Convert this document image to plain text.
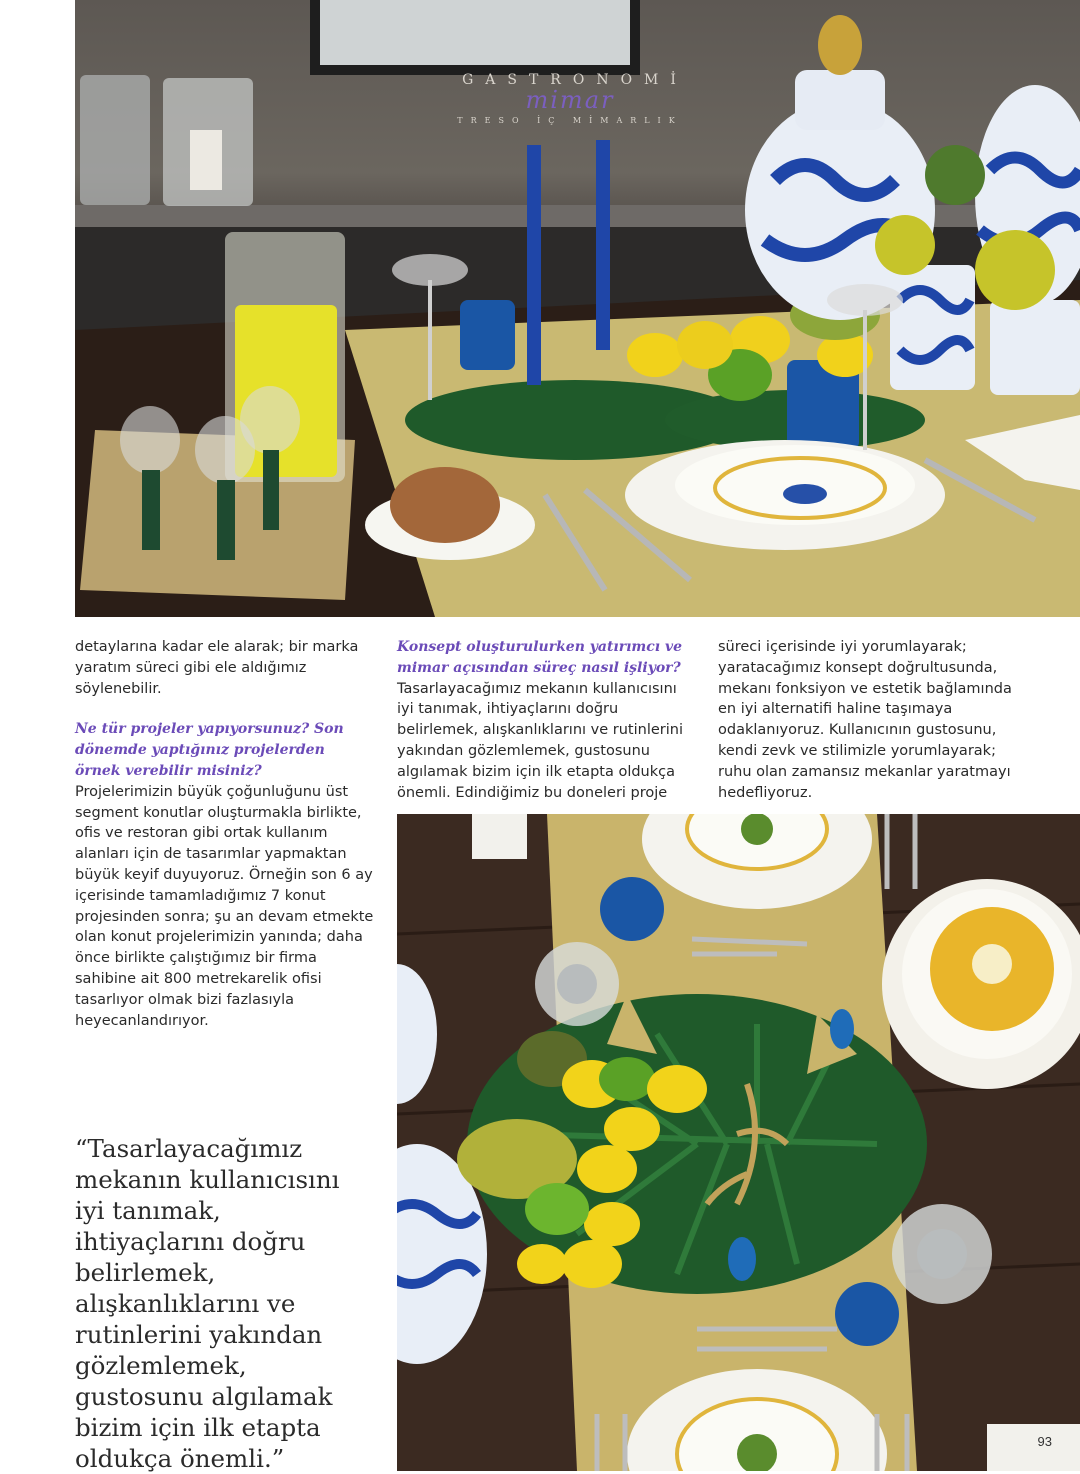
GASTRONOMİ
mimar
TRESO İÇ MİMARLIK

detaylarına kadar ele alarak; bir marka yaratım süreci gibi ele aldığımız söylenebilir.

Ne tür projeler yapıyorsunuz? Son dönemde yaptığınız projelerden örnek verebilir misiniz?

Projelerimizin büyük çoğunluğunu üst segment konutlar oluşturmakla birlikte, ofis ve restoran gibi ortak kullanım alanları için de tasarımlar yapmaktan büyük keyif duyuyoruz. Örneğin son 6 ay içerisinde tamamladığımız 7 konut projesinden sonra; şu an devam etmekte olan konut projelerimizin yanında; daha önce birlikte çalıştığımız bir firma sahibine ait 800 metrekarelik ofisi tasarlıyor olmak bizi fazlasıyla heyecanlandırıyor.

Konsept oluşturulurken yatırımcı ve mimar açısından süreç nasıl işliyor?

Tasarlayacağımız mekanın kullanıcısını iyi tanımak, ihtiyaçlarını doğru belirlemek, alışkanlıklarını ve rutinlerini yakından gözlemlemek, gustosunu algılamak bizim için ilk etapta oldukça önemli. Edindiğimiz bu doneleri proje

süreci içerisinde iyi yorumlayarak; yaratacağımız konsept doğrultusunda, mekanı fonksiyon ve estetik bağlamında en iyi alternatifi haline taşımaya odaklanıyoruz. Kullanıcının gustosunu, kendi zevk ve stilimizle yorumlayarak; ruhu olan zamansız mekanlar yaratmayı hedefliyoruz.

“Tasarlayacağımız mekanın kullanıcısını iyi tanımak, ihtiyaçlarını doğru belirlemek, alışkanlıklarını ve rutinlerini yakından gözlemlemek, gustosunu algılamak bizim için ilk etapta oldukça önemli.”

93
